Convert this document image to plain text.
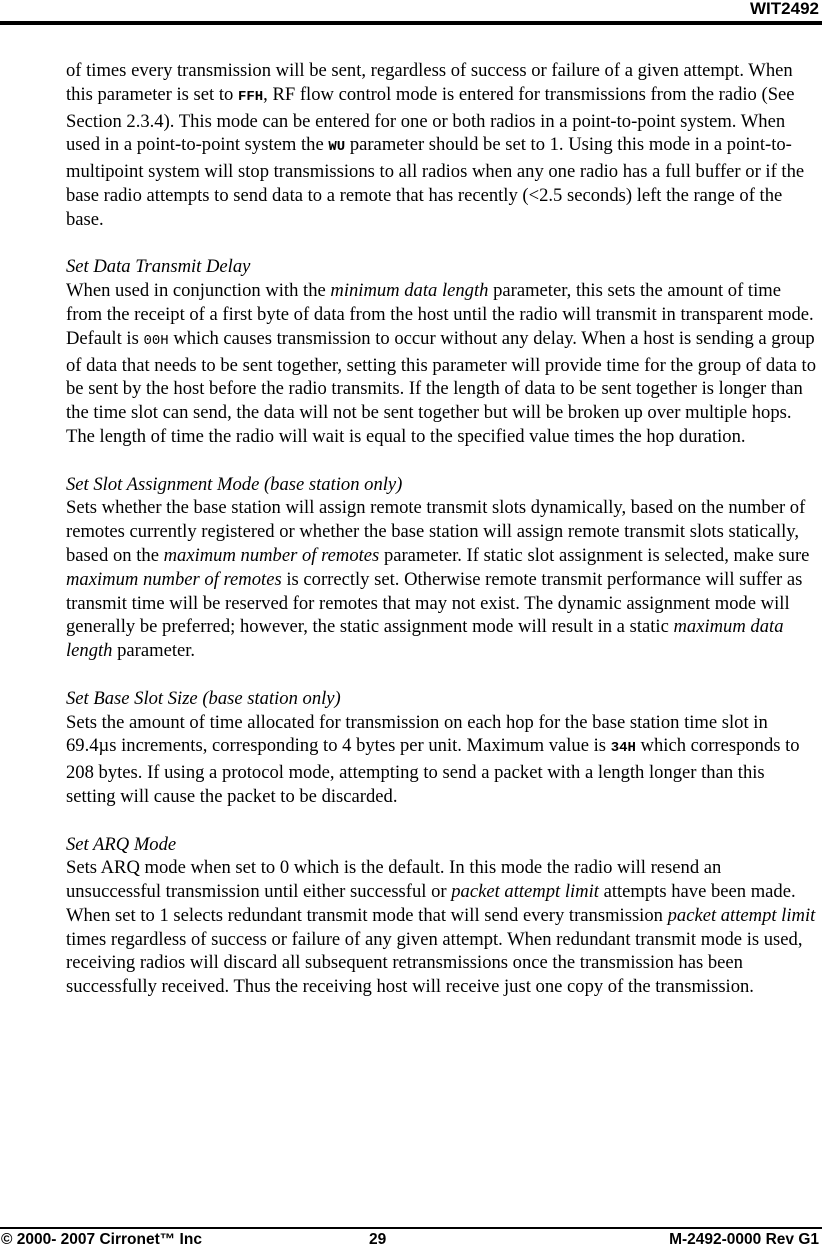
WIT2492

of times every transmission will be sent, regardless of success or failure of a given attempt. When this parameter is set to FFH, RF flow control mode is entered for transmissions from the radio (See Section 2.3.4). This mode can be entered for one or both radios in a point-to-point system. When used in a point-to-point system the WU parameter should be set to 1. Using this mode in a point-to-multipoint system will stop transmissions to all radios when any one radio has a full buffer or if the base radio attempts to send data to a remote that has recently (<2.5 seconds) left the range of the base.

Set Data Transmit Delay
When used in conjunction with the minimum data length parameter, this sets the amount of time from the receipt of a first byte of data from the host until the radio will transmit in transparent mode. Default is 00H which causes transmission to occur without any delay. When a host is sending a group of data that needs to be sent together, setting this parameter will provide time for the group of data to be sent by the host before the radio transmits. If the length of data to be sent together is longer than the time slot can send, the data will not be sent together but will be broken up over multiple hops. The length of time the radio will wait is equal to the specified value times the hop duration.

Set Slot Assignment Mode (base station only)
Sets whether the base station will assign remote transmit slots dynamically, based on the number of remotes currently registered or whether the base station will assign remote transmit slots statically, based on the maximum number of remotes parameter. If static slot assignment is selected, make sure maximum number of remotes is correctly set. Otherwise remote transmit performance will suffer as transmit time will be reserved for remotes that may not exist. The dynamic assignment mode will generally be preferred; however, the static assignment mode will result in a static maximum data length parameter.

Set Base Slot Size (base station only)
Sets the amount of time allocated for transmission on each hop for the base station time slot in 69.4µs increments, corresponding to 4 bytes per unit. Maximum value is 34H which corresponds to 208 bytes. If using a protocol mode, attempting to send a packet with a length longer than this setting will cause the packet to be discarded.

Set ARQ Mode
Sets ARQ mode when set to 0 which is the default. In this mode the radio will resend an unsuccessful transmission until either successful or packet attempt limit attempts have been made. When set to 1 selects redundant transmit mode that will send every transmission packet attempt limit times regardless of success or failure of any given attempt. When redundant transmit mode is used, receiving radios will discard all subsequent retransmissions once the transmission has been successfully received. Thus the receiving host will receive just one copy of the transmission.

© 2000- 2007 Cirronet™ Inc	29	M-2492-0000 Rev G1
